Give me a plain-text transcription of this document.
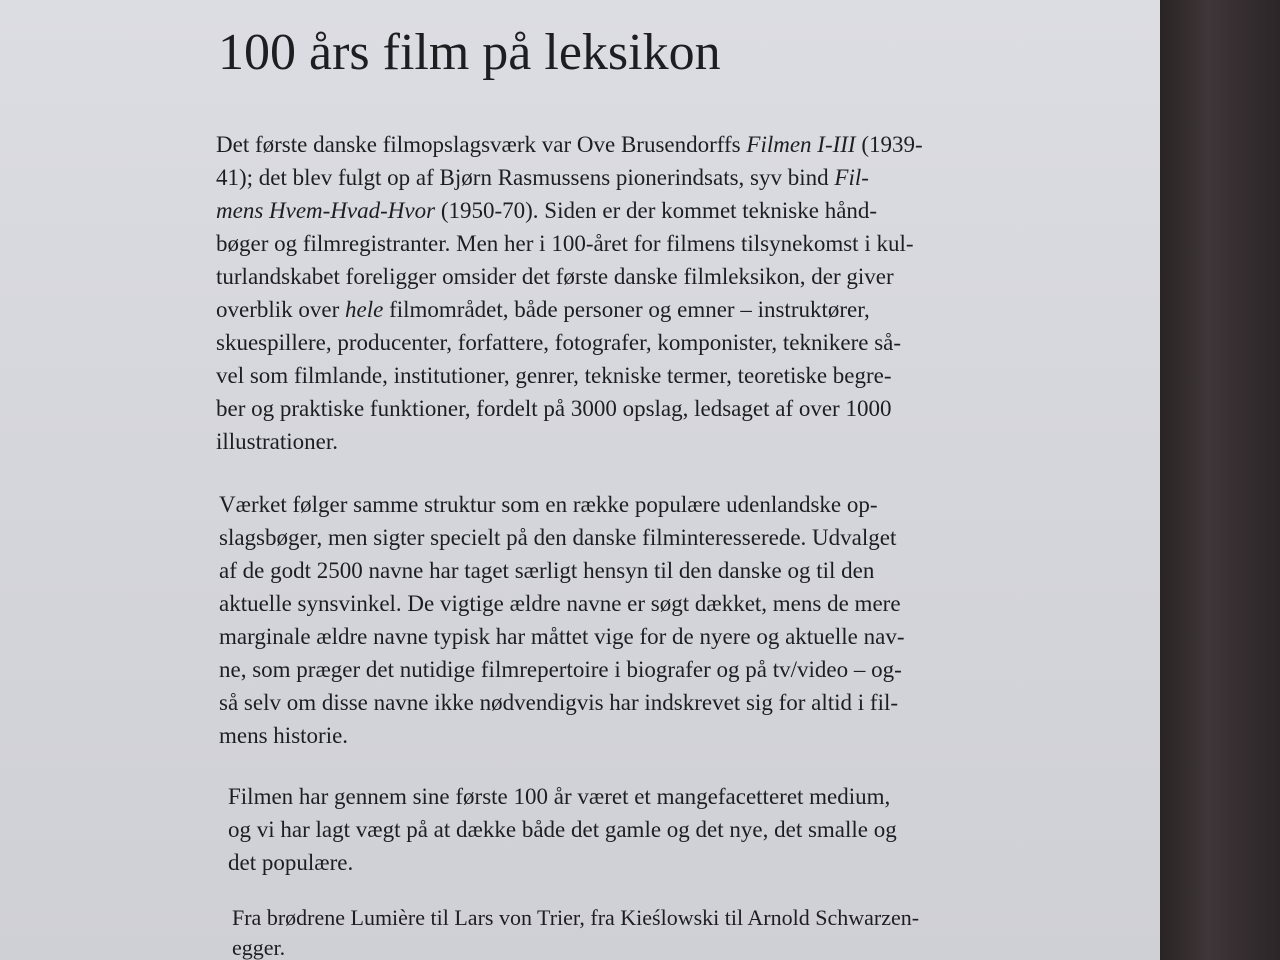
100 års film på leksikon
Det første danske filmopslagsværk var Ove Brusendorffs Filmen I-III (1939-
41); det blev fulgt op af Bjørn Rasmussens pionerindsats, syv bind Fil-
mens Hvem-Hvad-Hvor (1950-70). Siden er der kommet tekniske hånd-
bøger og filmregistranter. Men her i 100-året for filmens tilsynekomst i kul-
turlandskabet foreligger omsider det første danske filmleksikon, der giver
overblik over hele filmområdet, både personer og emner – instruktører,
skuespillere, producenter, forfattere, fotografer, komponister, teknikere så-
vel som filmlande, institutioner, genrer, tekniske termer, teoretiske begre-
ber og praktiske funktioner, fordelt på 3000 opslag, ledsaget af over 1000
illustrationer.
Værket følger samme struktur som en række populære udenlandske op-
slagsbøger, men sigter specielt på den danske filminteresserede. Udvalget
af de godt 2500 navne har taget særligt hensyn til den danske og til den
aktuelle synsvinkel. De vigtige ældre navne er søgt dækket, mens de mere
marginale ældre navne typisk har måttet vige for de nyere og aktuelle nav-
ne, som præger det nutidige filmrepertoire i biografer og på tv/video – og-
så selv om disse navne ikke nødvendigvis har indskrevet sig for altid i fil-
mens historie.
Filmen har gennem sine første 100 år været et mangefacetteret medium,
og vi har lagt vægt på at dække både det gamle og det nye, det smalle og
det populære.
Fra brødrene Lumière til Lars von Trier, fra Kieślowski til Arnold Schwarzen-
egger.
